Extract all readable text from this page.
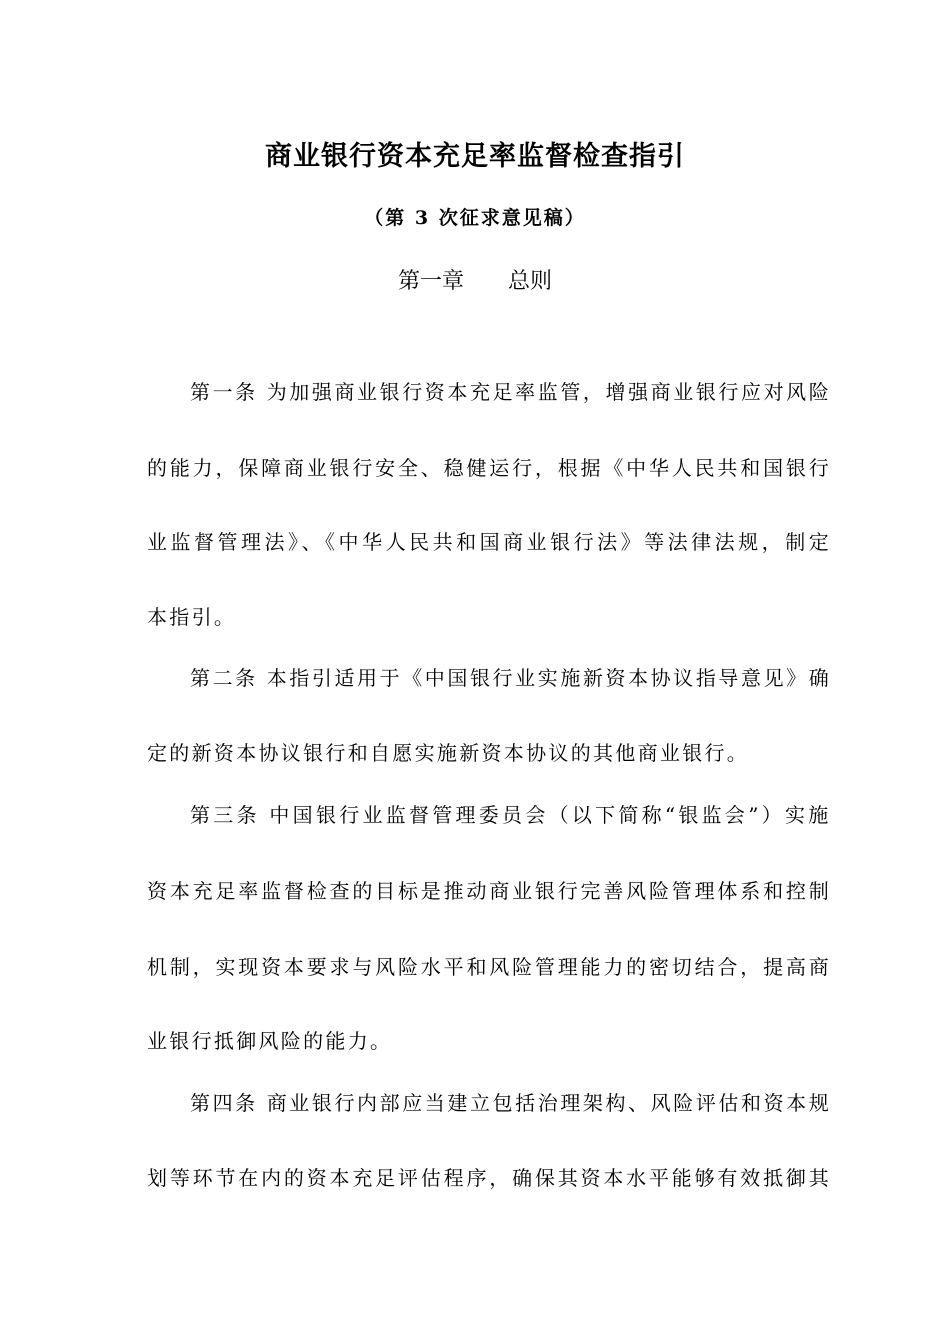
商业银行资本充足率监督检查指引
（第 3 次征求意见稿）
第一章　　总则
第一条 为加强商业银行资本充足率监管，增强商业银行应对风险
的能力，保障商业银行安全、稳健运行，根据《中华人民共和国银行
业监督管理法》、《中华人民共和国商业银行法》等法律法规，制定
本指引。
第二条 本指引适用于《中国银行业实施新资本协议指导意见》确
定的新资本协议银行和自愿实施新资本协议的其他商业银行。
第三条 中国银行业监督管理委员会（以下简称“银监会”）实施
资本充足率监督检查的目标是推动商业银行完善风险管理体系和控制
机制，实现资本要求与风险水平和风险管理能力的密切结合，提高商
业银行抵御风险的能力。
第四条 商业银行内部应当建立包括治理架构、风险评估和资本规
划等环节在内的资本充足评估程序，确保其资本水平能够有效抵御其
